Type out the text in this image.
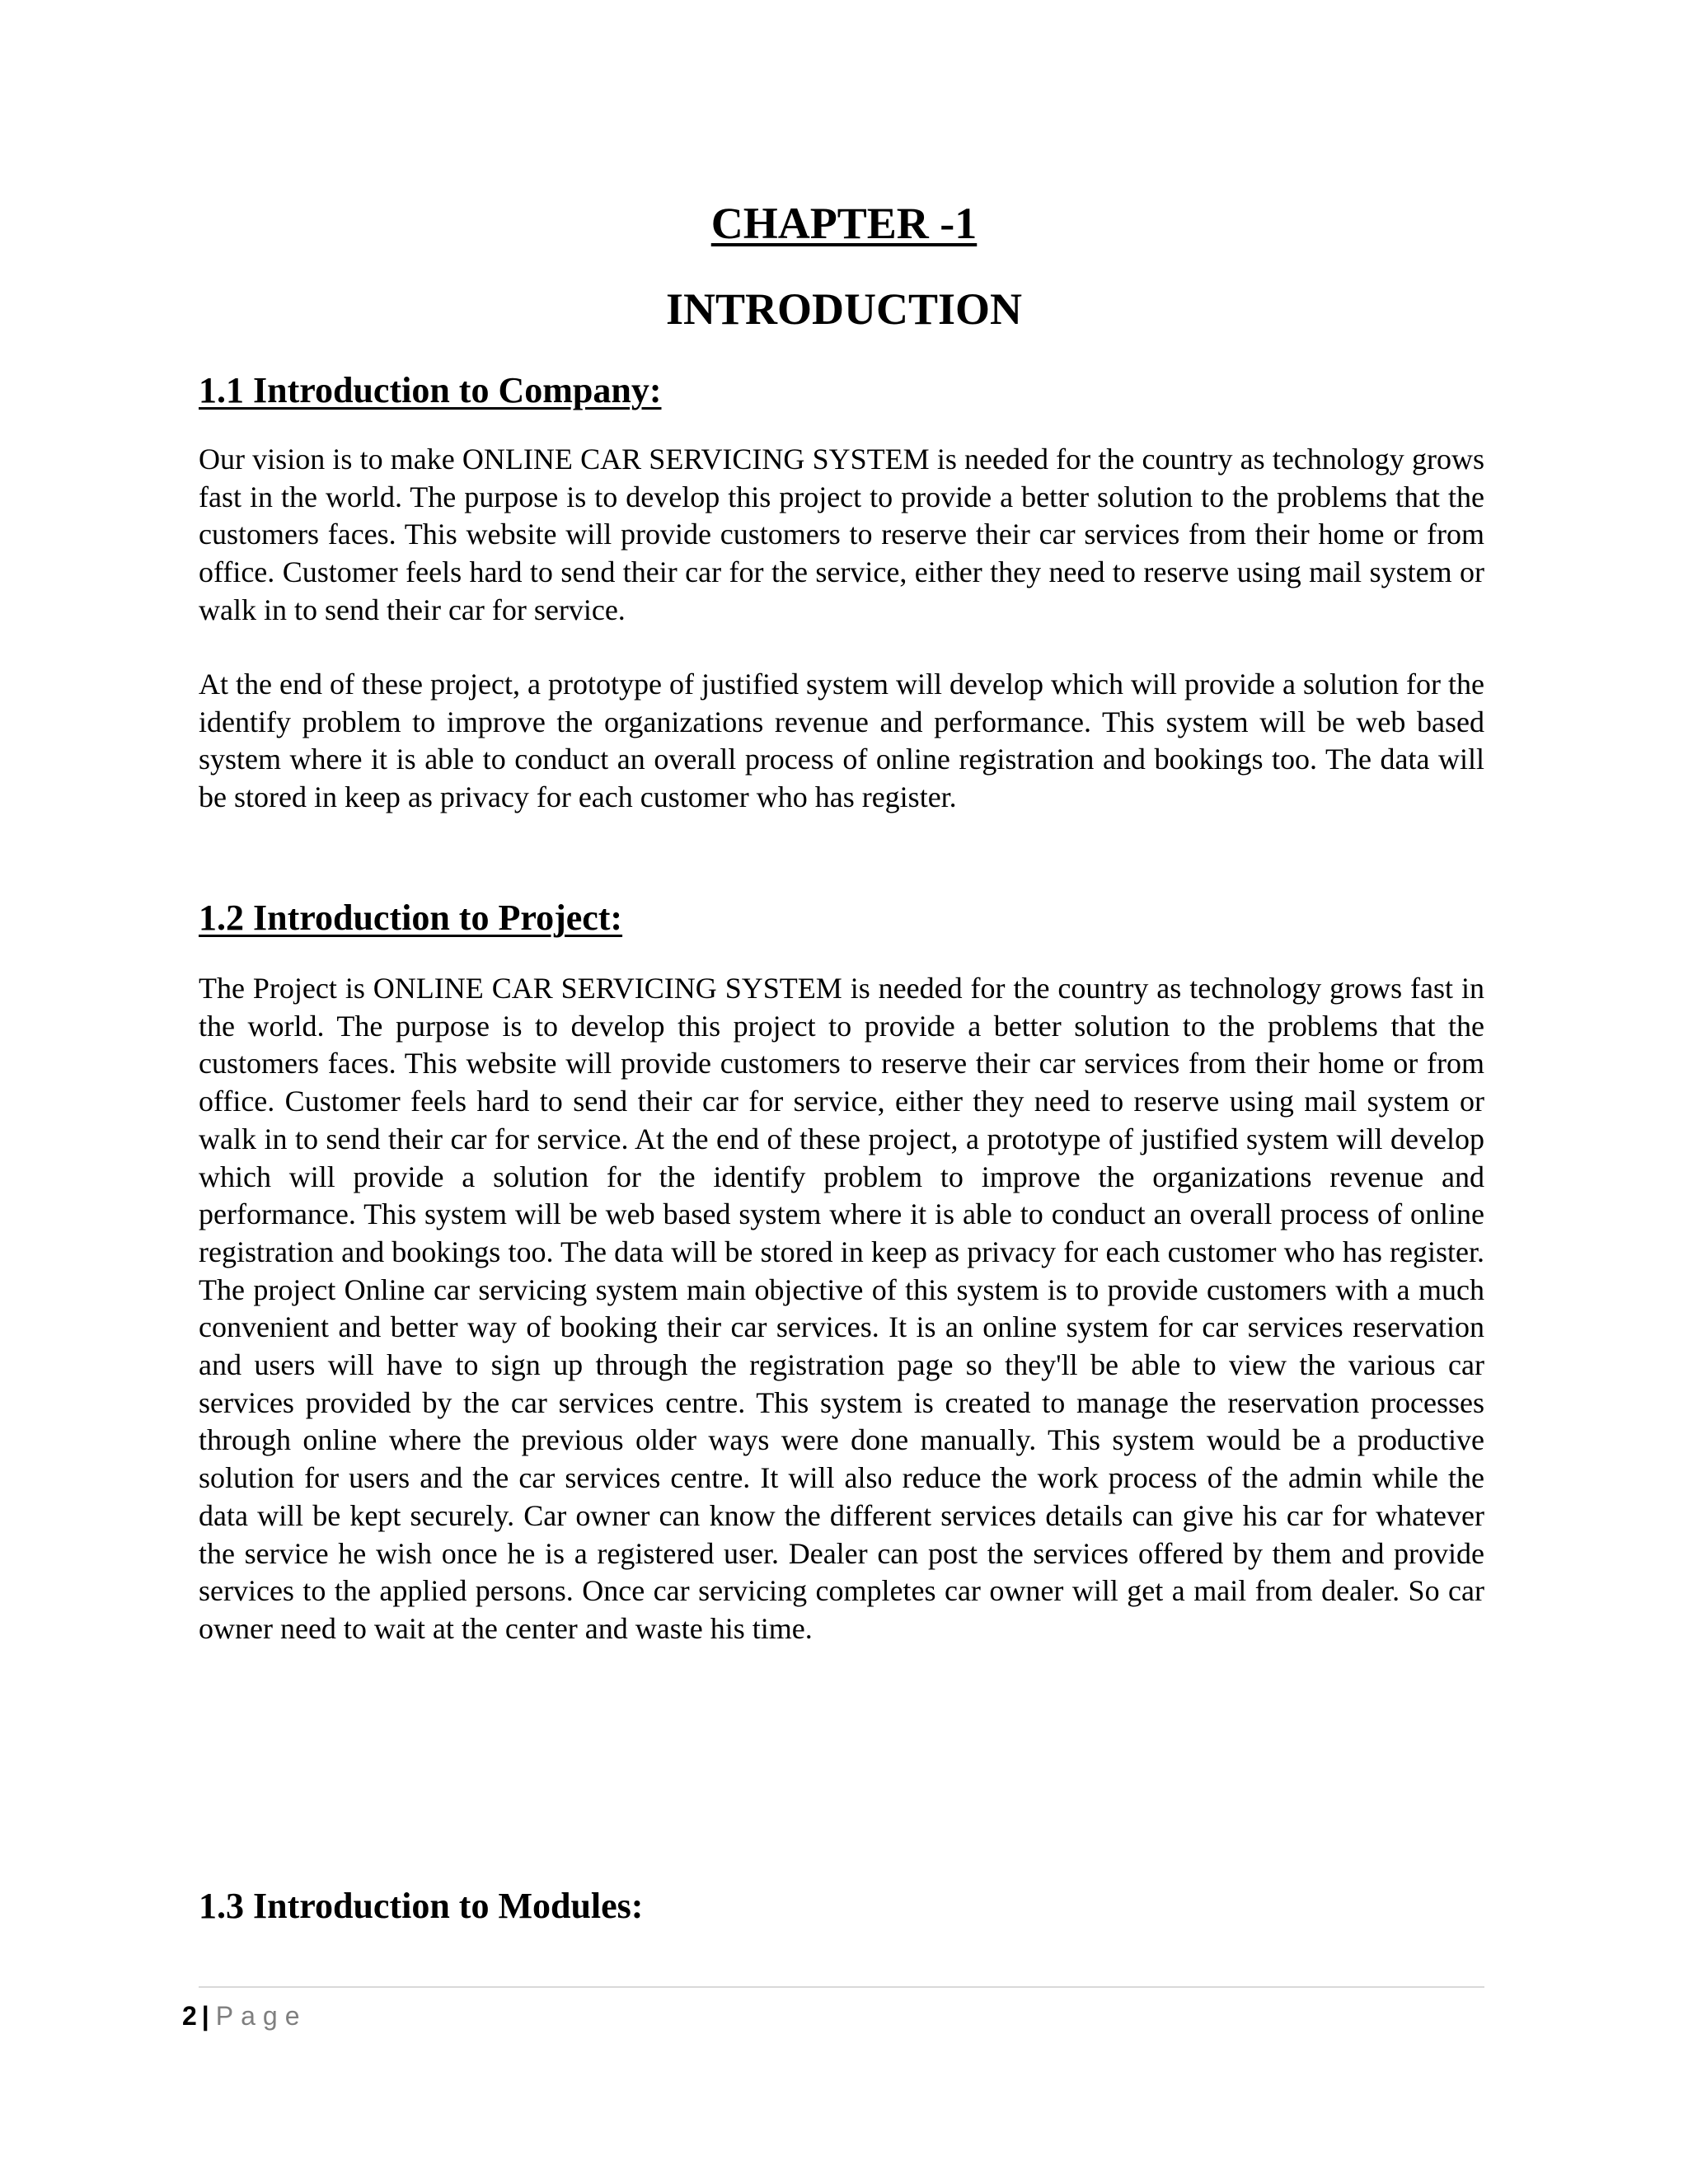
CHAPTER -1
INTRODUCTION
1.1 Introduction to Company:

Our vision is to make ONLINE CAR SERVICING SYSTEM is needed for the country as technology grows fast in the world. The purpose is to develop this project to provide a better solution to the problems that the customers faces. This website will provide customers to reserve their car services from their home or from office. Customer feels hard to send their car for the service, either they need to reserve using mail system or walk in to send their car for service.

At the end of these project, a prototype of justified system will develop which will provide a solution for the identify problem to improve the organizations revenue and performance. This system will be web based system where it is able to conduct an overall process of online registration and bookings too. The data will be stored in keep as privacy for each customer who has register.

1.2 Introduction to Project:

The Project is ONLINE CAR SERVICING SYSTEM is needed for the country as technology grows fast in the world. The purpose is to develop this project to provide a better solution to the problems that the customers faces. This website will provide customers to reserve their car services from their home or from office. Customer feels hard to send their car for service, either they need to reserve using mail system or walk in to send their car for service. At the end of these project, a prototype of justified system will develop which will provide a solution for the identify problem to improve the organizations revenue and performance. This system will be web based system where it is able to conduct an overall process of online registration and bookings too. The data will be stored in keep as privacy for each customer who has register. The project Online car servicing system main objective of this system is to provide customers with a much convenient and better way of booking their car services. It is an online system for car services reservation and users will have to sign up through the registration page so they'll be able to view the various car services provided by the car services centre. This system is created to manage the reservation processes through online where the previous older ways were done manually. This system would be a productive solution for users and the car services centre. It will also reduce the work process of the admin while the data will be kept securely. Car owner can know the different services details can give his car for whatever the service he wish once he is a registered user. Dealer can post the services offered by them and provide services to the applied persons. Once car servicing completes car owner will get a mail from dealer. So car owner need to wait at the center and waste his time.

1.3 Introduction to Modules:
2 | Page
